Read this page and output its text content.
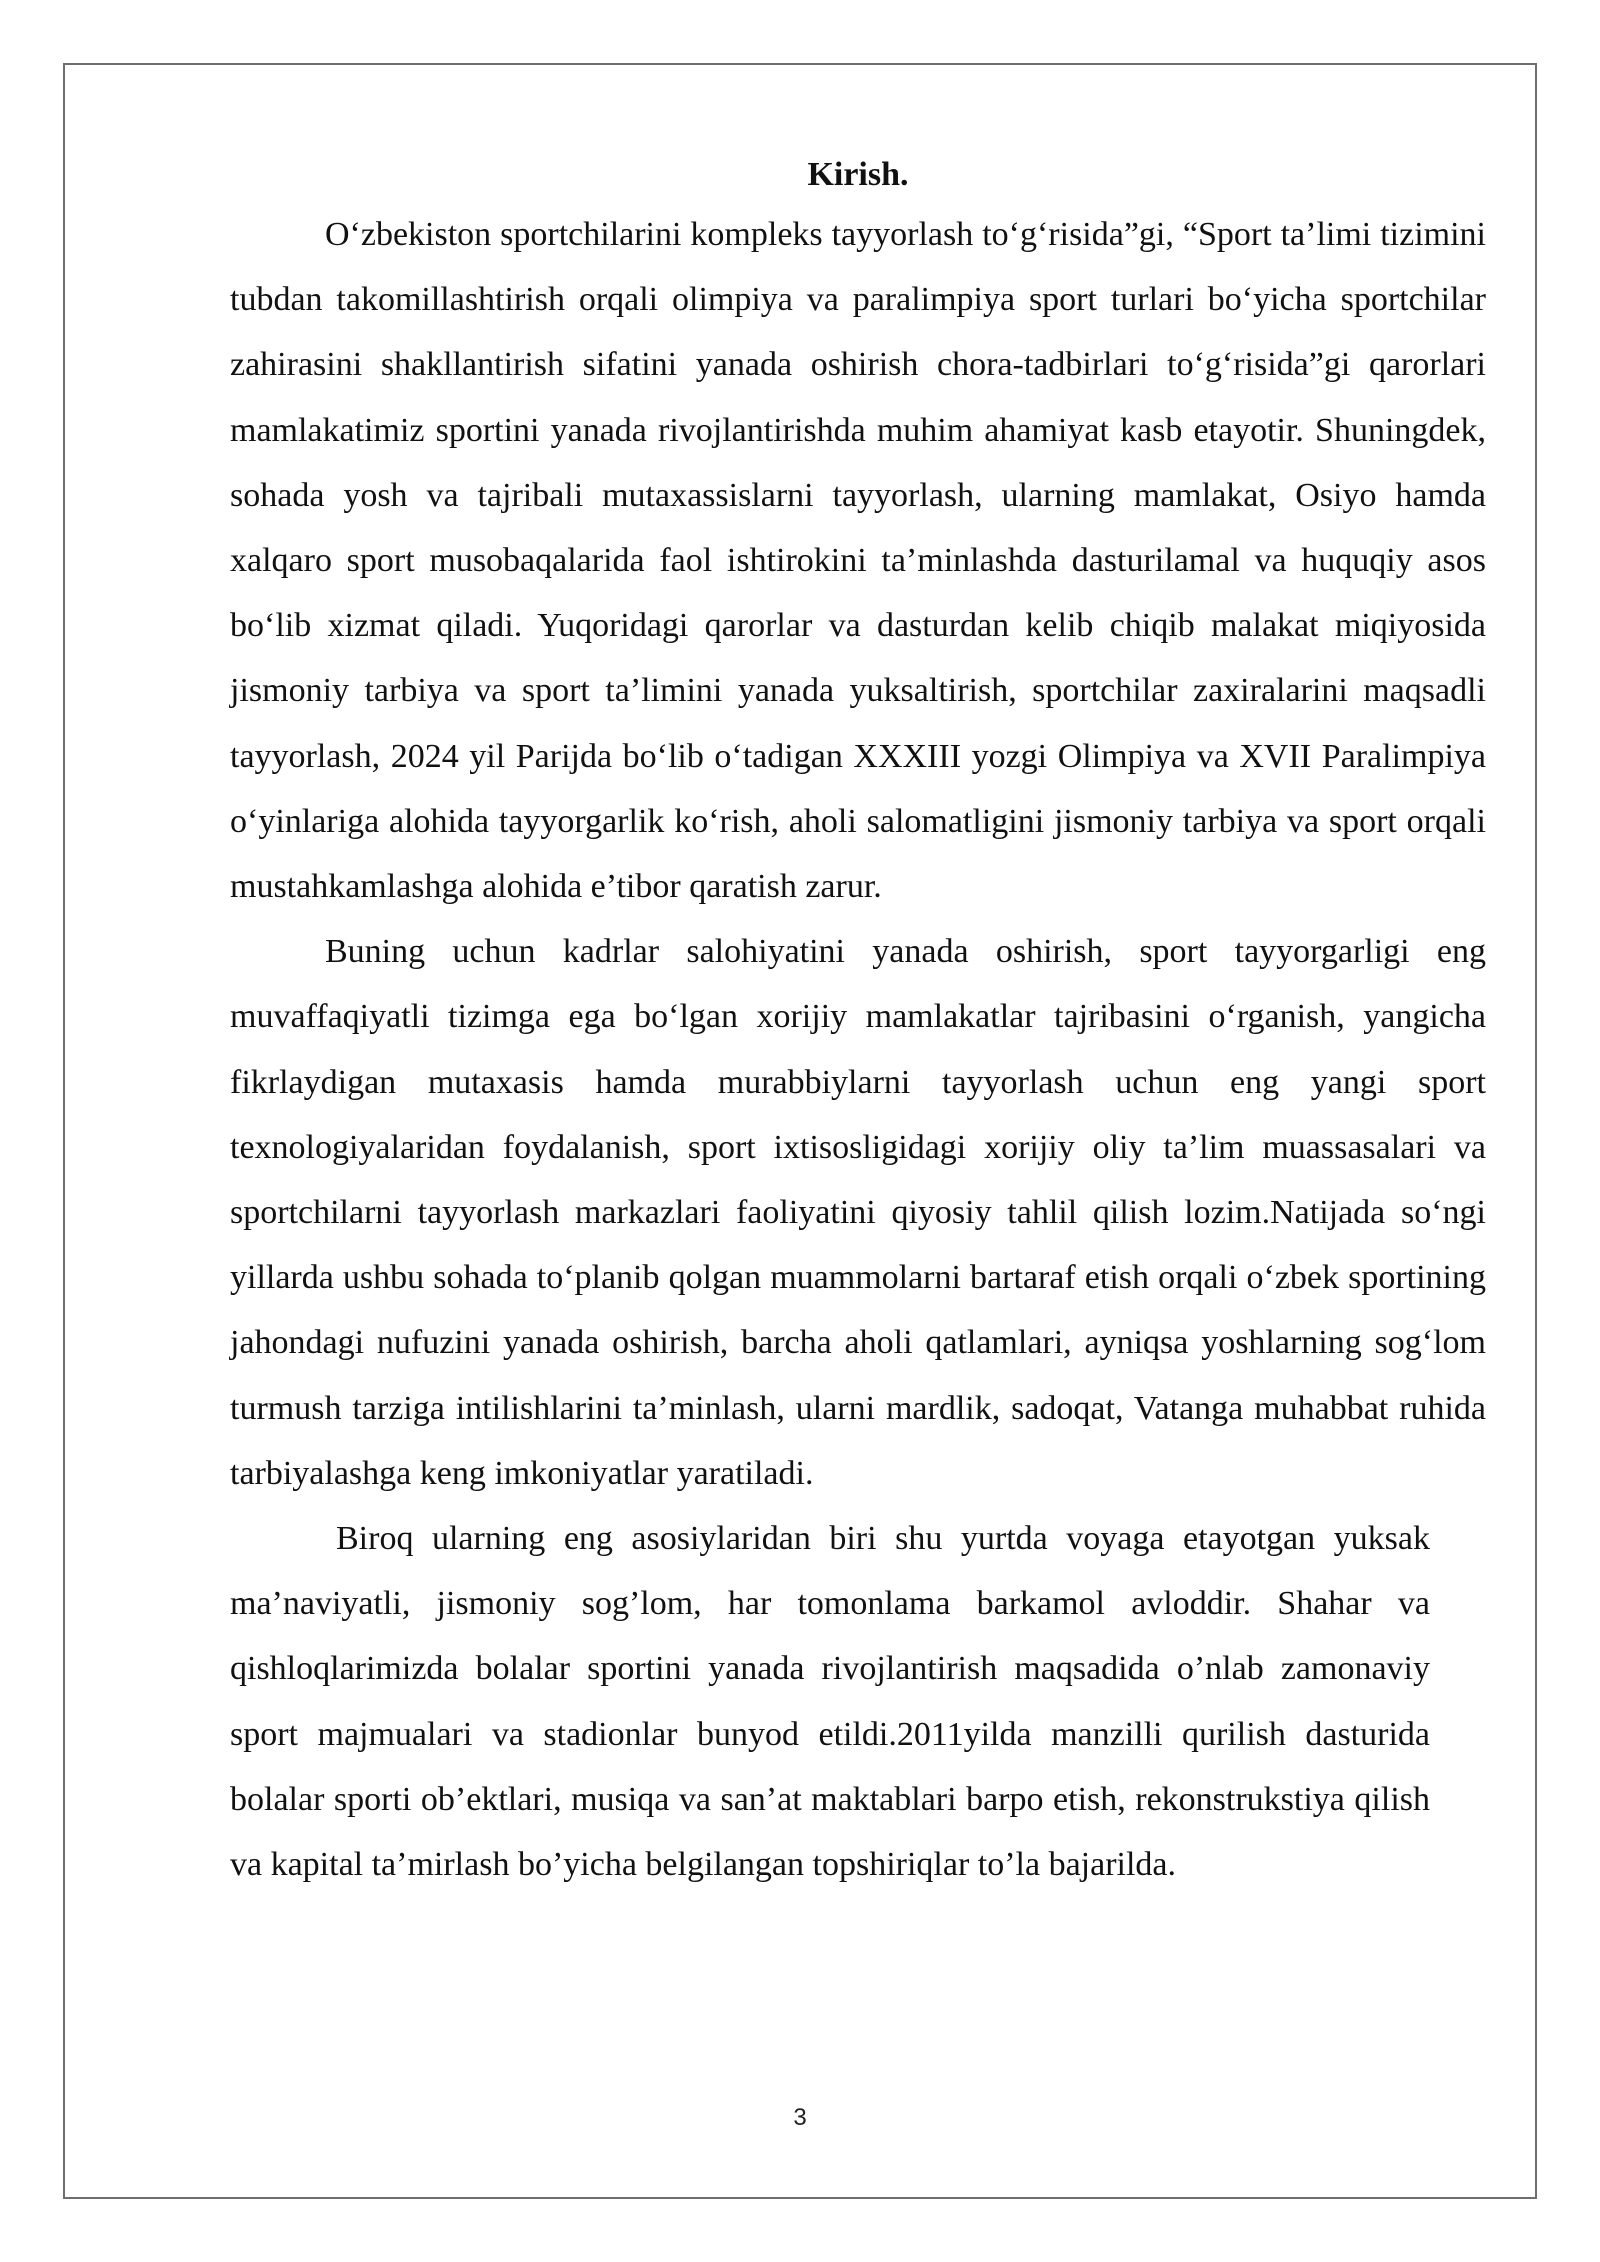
Kirish.

O‘zbekiston sportchilarini kompleks tayyorlash to‘g‘risida”gi, “Sport ta’limi tizimini tubdan takomillashtirish orqali olimpiya va paralimpiya sport turlari bo‘yicha sportchilar zahirasini shakllantirish sifatini yanada oshirish chora-tadbirlari to‘g‘risida”gi qarorlari mamlakatimiz sportini yanada rivojlantirishda muhim ahamiyat kasb etayotir. Shuningdek, sohada yosh va tajribali mutaxassislarni tayyorlash, ularning mamlakat, Osiyo hamda xalqaro sport musobaqalarida faol ishtirokini ta’minlashda dasturilamal va huquqiy asos bo‘lib xizmat qiladi. Yuqoridagi qarorlar va dasturdan kelib chiqib malakat miqiyosida jismoniy tarbiya va sport ta’limini yanada yuksaltirish, sportchilar zaxiralarini maqsadli tayyorlash, 2024 yil Parijda bo‘lib o‘tadigan XXXIII yozgi Olimpiya va XVII Paralimpiya o‘yinlariga alohida tayyorgarlik ko‘rish, aholi salomatligini jismoniy tarbiya va sport orqali mustahkamlashga alohida e’tibor qaratish zarur.

Buning uchun kadrlar salohiyatini yanada oshirish, sport tayyorgarligi eng muvaffaqiyatli tizimga ega bo‘lgan xorijiy mamlakatlar tajribasini o‘rganish, yangicha fikrlaydigan mutaxasis hamda murabbiylarni tayyorlash uchun eng yangi sport texnologiyalaridan foydalanish, sport ixtisosligidagi xorijiy oliy ta’lim muassasalari va sportchilarni tayyorlash markazlari faoliyatini qiyosiy tahlil qilish lozim.Natijada so‘ngi yillarda ushbu sohada to‘planib qolgan muammolarni bartaraf etish orqali o‘zbek sportining jahondagi nufuzini yanada oshirish, barcha aholi qatlamlari, ayniqsa yoshlarning sog‘lom turmush tarziga intilishlarini ta’minlash, ularni mardlik, sadoqat, Vatanga muhabbat ruhida tarbiyalashga keng imkoniyatlar yaratiladi.

Biroq ularning eng asosiylaridan biri shu yurtda voyaga etayotgan yuksak ma’naviyatli, jismoniy sog’lom, har tomonlama barkamol avloddir. Shahar va qishloqlarimizda bolalar sportini yanada rivojlantirish maqsadida o’nlab zamonaviy sport majmualari va stadionlar bunyod etildi.2011yilda manzilli qurilish dasturida bolalar sporti ob’ektlari, musiqa va san’at maktablari barpo etish, rekonstrukstiya qilish va kapital ta’mirlash bo’yicha belgilangan topshiriqlar to’la bajarilda.

3
